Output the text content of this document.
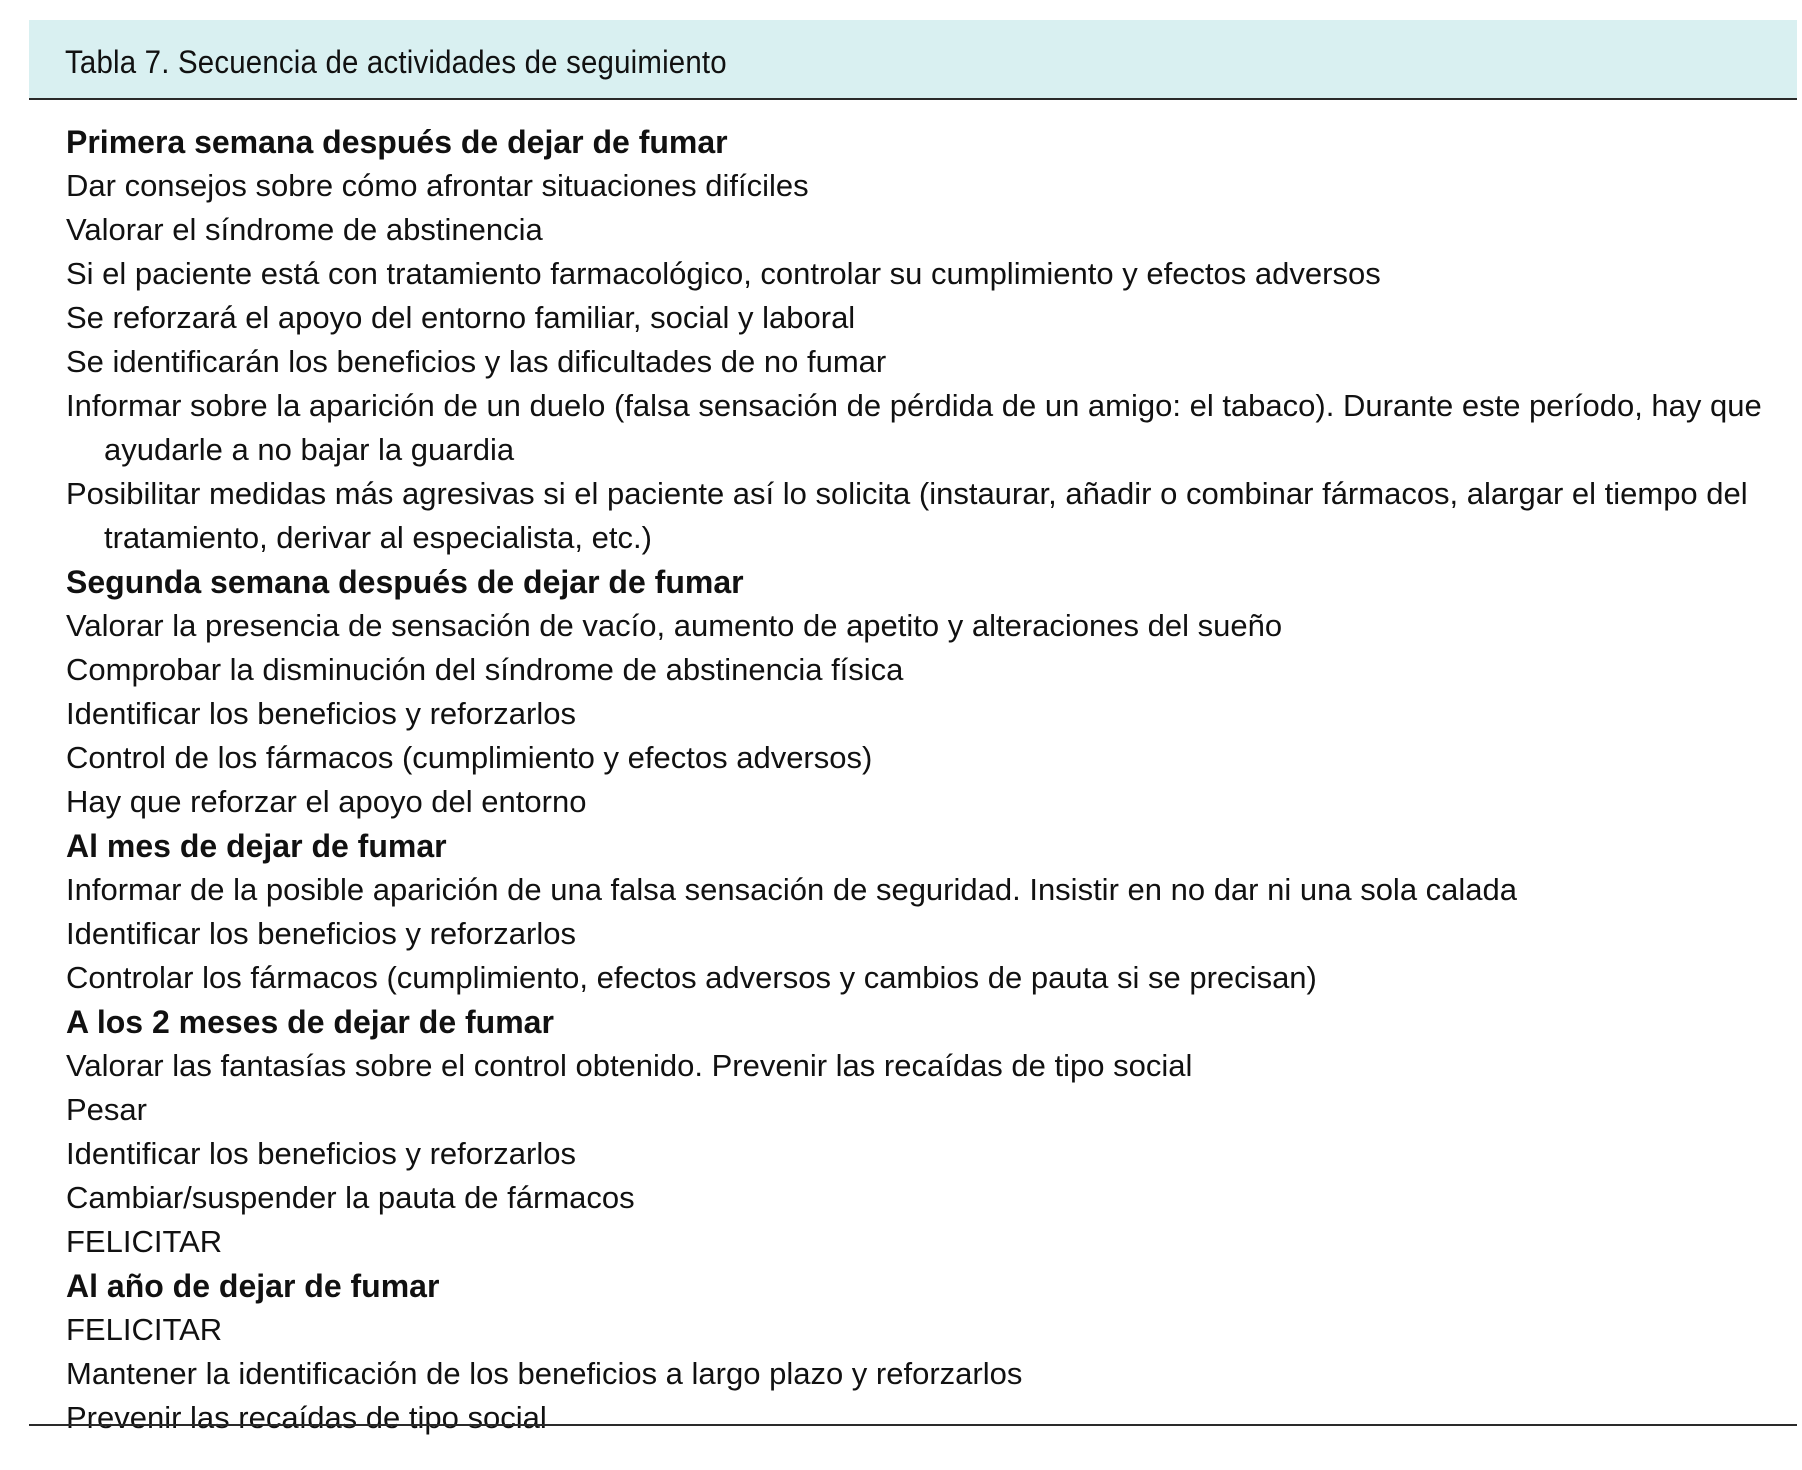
Tabla 7. Secuencia de actividades de seguimiento
Primera semana después de dejar de fumar
Dar consejos sobre cómo afrontar situaciones difíciles
Valorar el síndrome de abstinencia
Si el paciente está con tratamiento farmacológico, controlar su cumplimiento y efectos adversos
Se reforzará el apoyo del entorno familiar, social y laboral
Se identificarán los beneficios y las dificultades de no fumar
Informar sobre la aparición de un duelo (falsa sensación de pérdida de un amigo: el tabaco). Durante este período, hay que ayudarle a no bajar la guardia
Posibilitar medidas más agresivas si el paciente así lo solicita (instaurar, añadir o combinar fármacos, alargar el tiempo del tratamiento, derivar al especialista, etc.)
Segunda semana después de dejar de fumar
Valorar la presencia de sensación de vacío, aumento de apetito y alteraciones del sueño
Comprobar la disminución del síndrome de abstinencia física
Identificar los beneficios y reforzarlos
Control de los fármacos (cumplimiento y efectos adversos)
Hay que reforzar el apoyo del entorno
Al mes de dejar de fumar
Informar de la posible aparición de una falsa sensación de seguridad. Insistir en no dar ni una sola calada
Identificar los beneficios y reforzarlos
Controlar los fármacos (cumplimiento, efectos adversos y cambios de pauta si se precisan)
A los 2 meses de dejar de fumar
Valorar las fantasías sobre el control obtenido. Prevenir las recaídas de tipo social
Pesar
Identificar los beneficios y reforzarlos
Cambiar/suspender la pauta de fármacos
FELICITAR
Al año de dejar de fumar
FELICITAR
Mantener la identificación de los beneficios a largo plazo y reforzarlos
Prevenir las recaídas de tipo social
